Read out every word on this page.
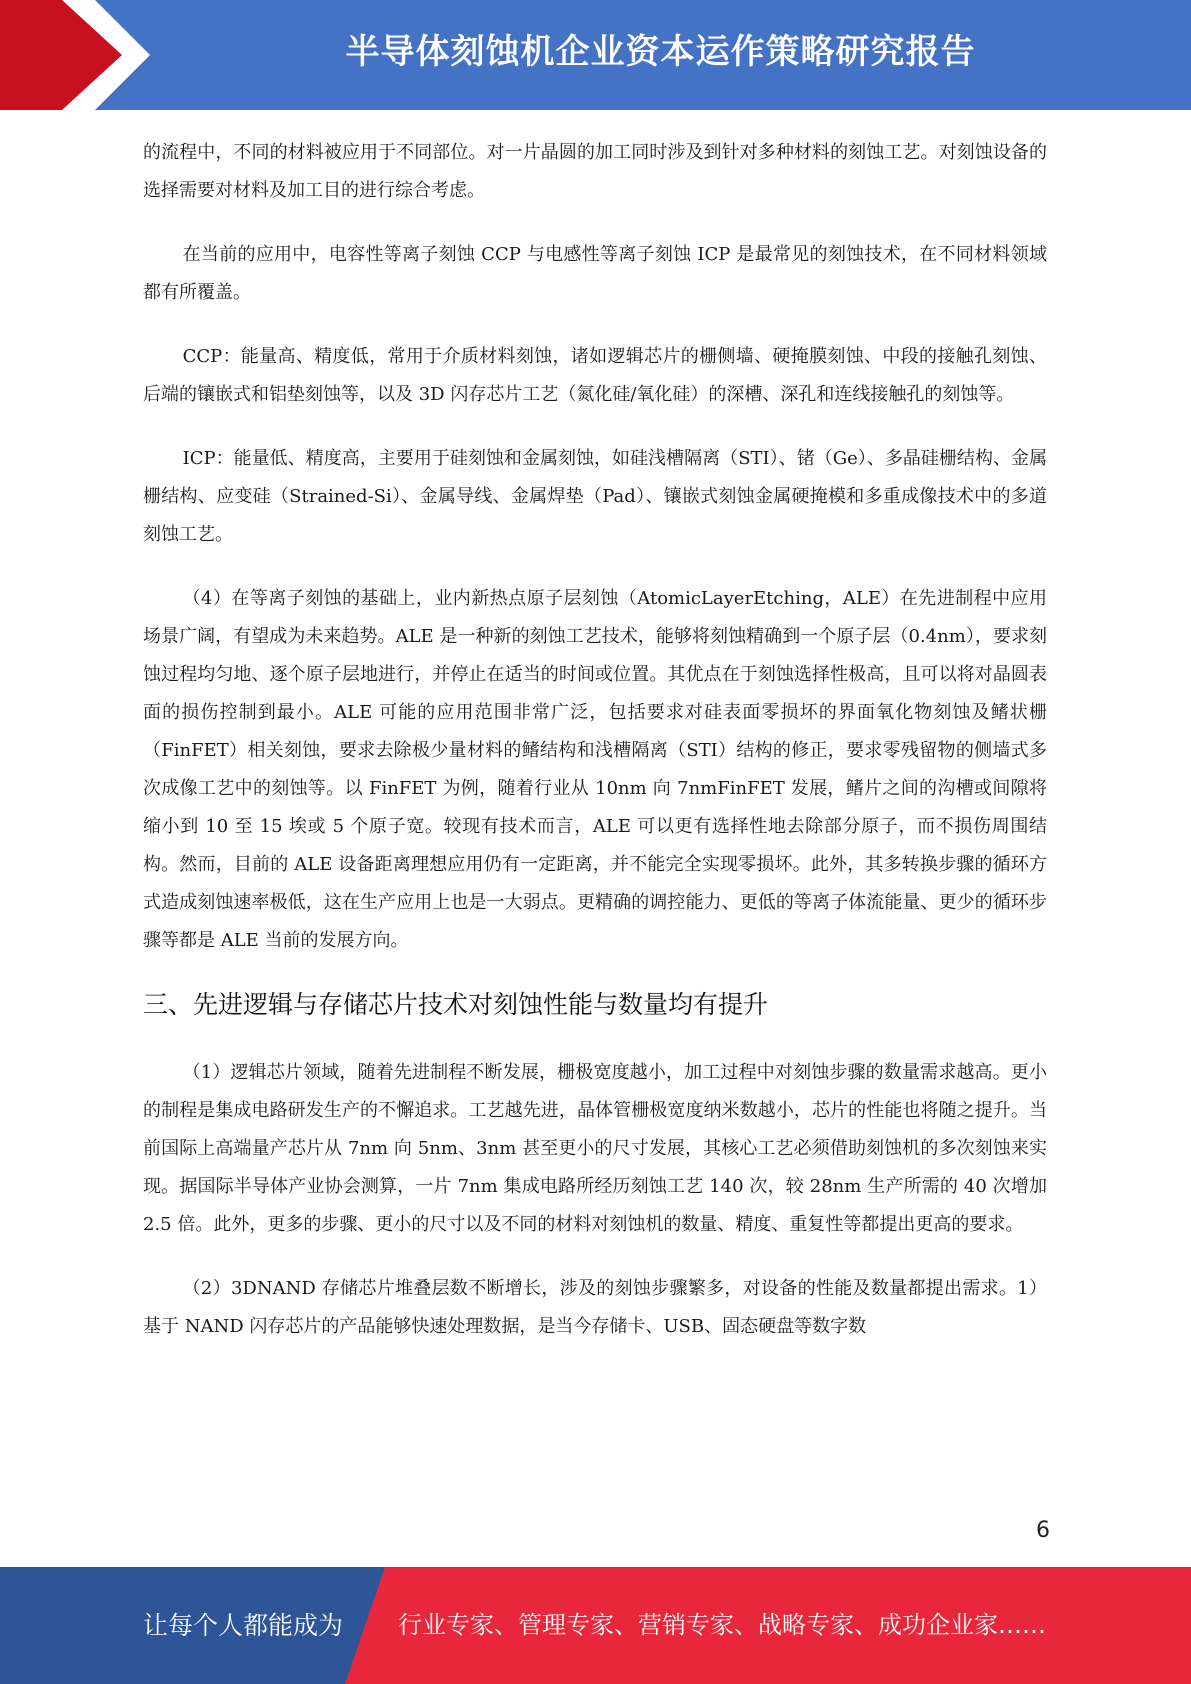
半导体刻蚀机企业资本运作策略研究报告

的流程中，不同的材料被应用于不同部位。对一片晶圆的加工同时涉及到针对多种材料的刻蚀工艺。对刻蚀设备的选择需要对材料及加工目的进行综合考虑。

在当前的应用中，电容性等离子刻蚀 CCP 与电感性等离子刻蚀 ICP 是最常见的刻蚀技术，在不同材料领域都有所覆盖。

CCP：能量高、精度低，常用于介质材料刻蚀，诸如逻辑芯片的栅侧墙、硬掩膜刻蚀、中段的接触孔刻蚀、后端的镶嵌式和铝垫刻蚀等，以及 3D 闪存芯片工艺（氮化硅/氧化硅）的深槽、深孔和连线接触孔的刻蚀等。

ICP：能量低、精度高，主要用于硅刻蚀和金属刻蚀，如硅浅槽隔离（STI）、锗（Ge）、多晶硅栅结构、金属栅结构、应变硅（Strained-Si）、金属导线、金属焊垫（Pad）、镶嵌式刻蚀金属硬掩模和多重成像技术中的多道刻蚀工艺。

（4）在等离子刻蚀的基础上，业内新热点原子层刻蚀（AtomicLayerEtching，ALE）在先进制程中应用场景广阔，有望成为未来趋势。ALE 是一种新的刻蚀工艺技术，能够将刻蚀精确到一个原子层（0.4nm），要求刻蚀过程均匀地、逐个原子层地进行，并停止在适当的时间或位置。其优点在于刻蚀选择性极高，且可以将对晶圆表面的损伤控制到最小。ALE 可能的应用范围非常广泛，包括要求对硅表面零损坏的界面氧化物刻蚀及鳍状栅（FinFET）相关刻蚀，要求去除极少量材料的鳍结构和浅槽隔离（STI）结构的修正，要求零残留物的侧墙式多次成像工艺中的刻蚀等。以 FinFET 为例，随着行业从 10nm 向 7nmFinFET 发展，鳍片之间的沟槽或间隙将缩小到 10 至 15 埃或 5 个原子宽。较现有技术而言，ALE 可以更有选择性地去除部分原子，而不损伤周围结构。然而，目前的 ALE 设备距离理想应用仍有一定距离，并不能完全实现零损坏。此外，其多转换步骤的循环方式造成刻蚀速率极低，这在生产应用上也是一大弱点。更精确的调控能力、更低的等离子体流能量、更少的循环步骤等都是 ALE 当前的发展方向。

三、先进逻辑与存储芯片技术对刻蚀性能与数量均有提升

（1）逻辑芯片领域，随着先进制程不断发展，栅极宽度越小，加工过程中对刻蚀步骤的数量需求越高。更小的制程是集成电路研发生产的不懈追求。工艺越先进，晶体管栅极宽度纳米数越小，芯片的性能也将随之提升。当前国际上高端量产芯片从 7nm 向 5nm、3nm 甚至更小的尺寸发展，其核心工艺必须借助刻蚀机的多次刻蚀来实现。据国际半导体产业协会测算，一片 7nm 集成电路所经历刻蚀工艺 140 次，较 28nm 生产所需的 40 次增加 2.5 倍。此外，更多的步骤、更小的尺寸以及不同的材料对刻蚀机的数量、精度、重复性等都提出更高的要求。

（2）3DNAND 存储芯片堆叠层数不断增长，涉及的刻蚀步骤繁多，对设备的性能及数量都提出需求。1）基于 NAND 闪存芯片的产品能够快速处理数据，是当今存储卡、USB、固态硬盘等数字数

6
让每个人都能成为 行业专家、管理专家、营销专家、战略专家、成功企业家……
